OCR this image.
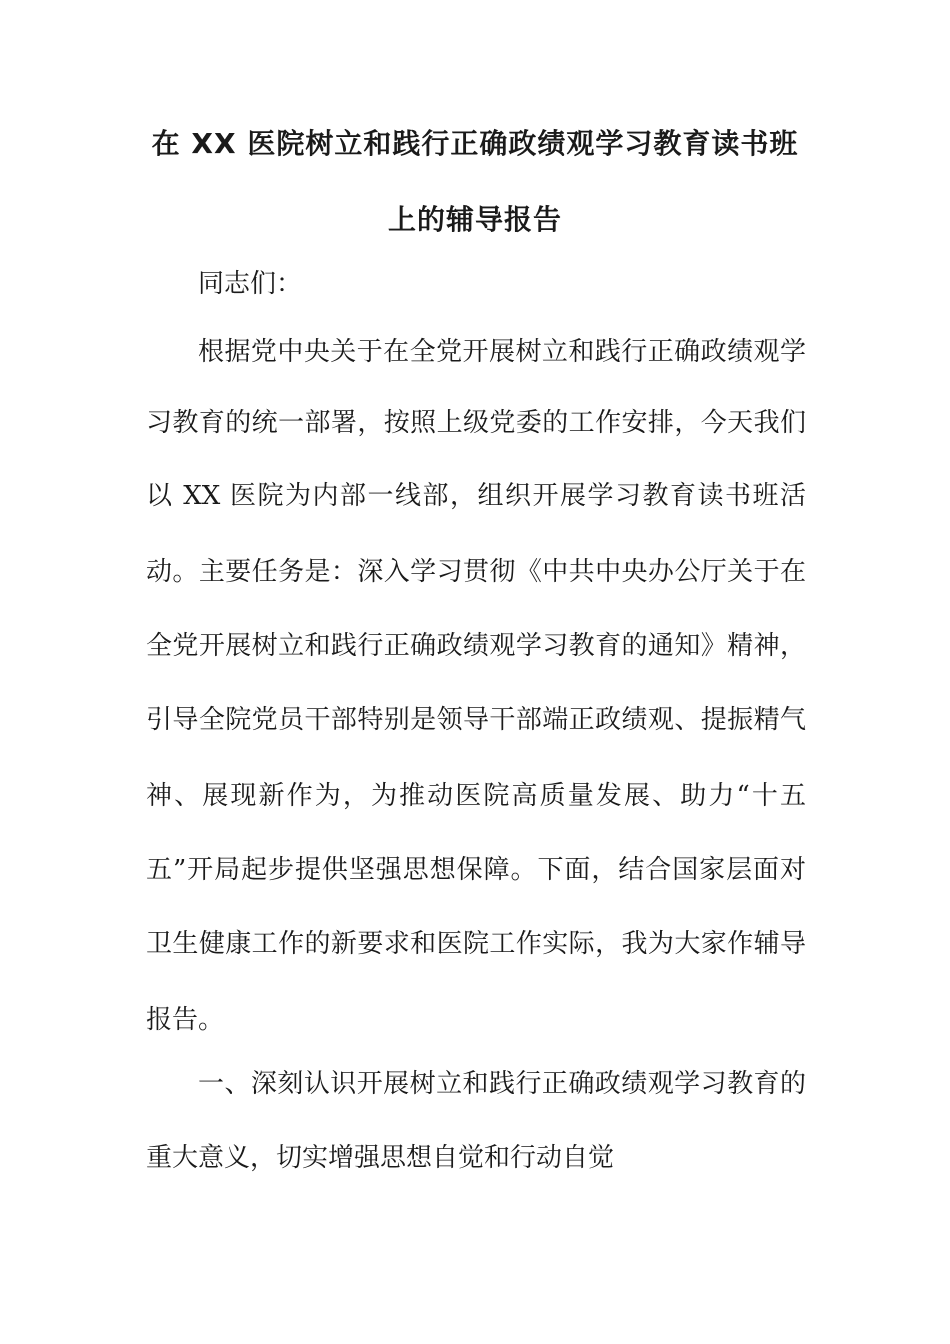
在 XX 医院树立和践行正确政绩观学习教育读书班
上的辅导报告
同志们：
根据党中央关于在全党开展树立和践行正确政绩观学
习教育的统一部署，按照上级党委的工作安排，今天我们
以 XX 医院为内部一线部，组织开展学习教育读书班活
动。主要任务是：深入学习贯彻《中共中央办公厅关于在
全党开展树立和践行正确政绩观学习教育的通知》精神，
引导全院党员干部特别是领导干部端正政绩观、提振精气
神、展现新作为，为推动医院高质量发展、助力“十五
五”开局起步提供坚强思想保障。下面，结合国家层面对
卫生健康工作的新要求和医院工作实际，我为大家作辅导
报告。
一、深刻认识开展树立和践行正确政绩观学习教育的
重大意义，切实增强思想自觉和行动自觉
